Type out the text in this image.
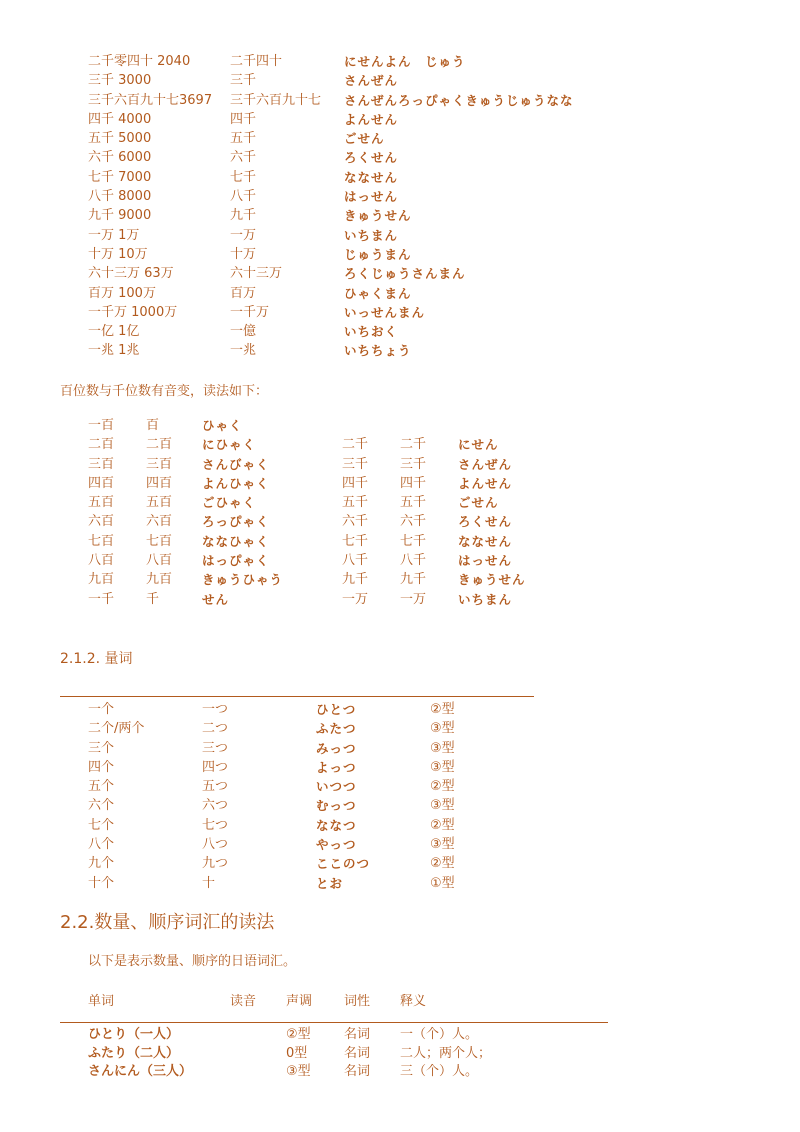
二千零四十 2040	二千四十	にせんよん　じゅう
三千 3000	三千	さんぜん
三千六百九十七3697 三千六百九十七 さんぜんろっぴゃくきゅうじゅうなな
四千 4000	四千	よんせん
五千 5000	五千	ごせん
六千 6000	六千	ろくせん
七千 7000	七千	ななせん
八千 8000	八千	はっせん
九千 9000	九千	きゅうせん
一万 1万	一万	いちまん
十万 10万	十万	じゅうまん
六十三万 63万	六十三万	ろくじゅうさんまん
百万 100万	百万	ひゃくまん
一千万 1000万	一千万	いっせんまん
一亿 1亿	一億	いちおく
一兆 1兆	一兆	いちちょう
百位数与千位数有音变，读法如下：
一百 百	ひゃく
二百 二百 にひゃく	二千 二千	にせん
三百 三百 さんびゃく	三千 三千	さんぜん
四百 四百 よんひゃく	四千 四千	よんせん
五百 五百 ごひゃく	五千 五千	ごせん
六百 六百 ろっぴゃく	六千 六千	ろくせん
七百 七百 ななひゃく	七千 七千	ななせん
八百 八百 はっぴゃく	八千 八千	はっせん
九百 九百 きゅうひゃう	九千 九千	きゅうせん
一千 千	せん	一万 一万	いちまん
2.1.2. 量词
一个	一つ	ひとつ	②型
二个/两个	二つ	ふたつ	③型
三个	三つ	みっつ	③型
四个	四つ	よっつ	③型
五个	五つ	いつつ	②型
六个	六つ	むっつ	③型
七个	七つ	ななつ	②型
八个	八つ	やっつ	③型
九个	九つ	ここのつ	②型
十个	十	とお	①型
2.2.数量、顺序词汇的读法
以下是表示数量、顺序的日语词汇。
单词	读音 声调 词性 释义
ひとり（一人）	②型	名词 一（个）人。
ふたり（二人）	0型	名词 二人；两个人；
さんにん（三人）	③型	名词 三（个）人。
